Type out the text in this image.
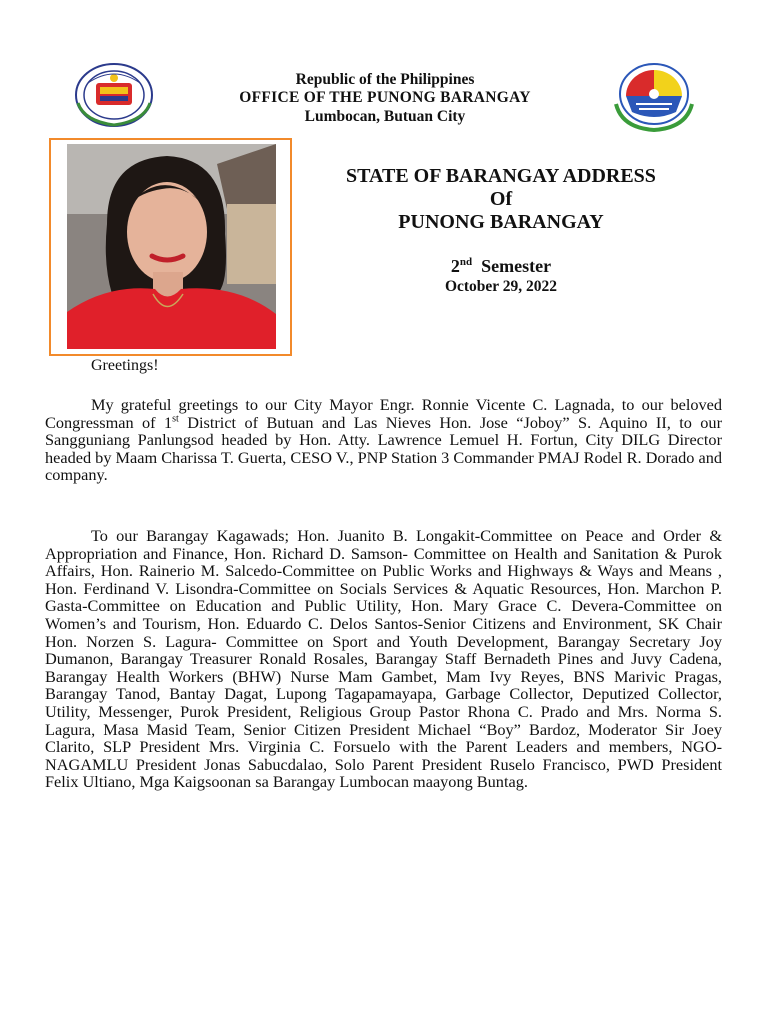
Republic of the Philippines
OFFICE OF THE PUNONG BARANGAY
Lumbocan, Butuan City
STATE OF BARANGAY ADDRESS
Of
PUNONG BARANGAY
2nd Semester
October 29, 2022
Greetings!

My grateful greetings to our City Mayor Engr. Ronnie Vicente C. Lagnada, to our beloved Congressman of 1st District of Butuan and Las Nieves Hon. Jose “Joboy” S. Aquino II, to our Sangguniang Panlungsod headed by Hon. Atty. Lawrence Lemuel H. Fortun, City DILG Director headed by Maam Charissa T. Guerta, CESO V., PNP Station 3 Commander PMAJ Rodel R. Dorado and company.

To our Barangay Kagawads; Hon. Juanito B. Longakit-Committee on Peace and Order & Appropriation and Finance, Hon. Richard D. Samson- Committee on Health and Sanitation & Purok Affairs, Hon. Rainerio M. Salcedo-Committee on Public Works and Highways & Ways and Means , Hon. Ferdinand V. Lisondra-Committee on Socials Services & Aquatic Resources, Hon. Marchon P. Gasta-Committee on Education and Public Utility, Hon. Mary Grace C. Devera-Committee on Women’s and Tourism, Hon. Eduardo C. Delos Santos-Senior Citizens and Environment, SK Chair Hon. Norzen S. Lagura- Committee on Sport and Youth Development, Barangay Secretary Joy Dumanon, Barangay Treasurer Ronald Rosales, Barangay Staff Bernadeth Pines and Juvy Cadena, Barangay Health Workers (BHW) Nurse Mam Gambet, Mam Ivy Reyes, BNS Marivic Pragas, Barangay Tanod, Bantay Dagat, Lupong Tagapamayapa, Garbage Collector, Deputized Collector, Utility, Messenger, Purok President, Religious Group Pastor Rhona C. Prado and Mrs. Norma S. Lagura, Masa Masid Team, Senior Citizen President Michael “Boy” Bardoz, Moderator Sir Joey Clarito, SLP President Mrs. Virginia C. Forsuelo with the Parent Leaders and members, NGO-NAGAMLU President Jonas Sabucdalao, Solo Parent President Ruselo Francisco, PWD President Felix Ultiano, Mga Kaigsoonan sa Barangay Lumbocan maayong Buntag.
